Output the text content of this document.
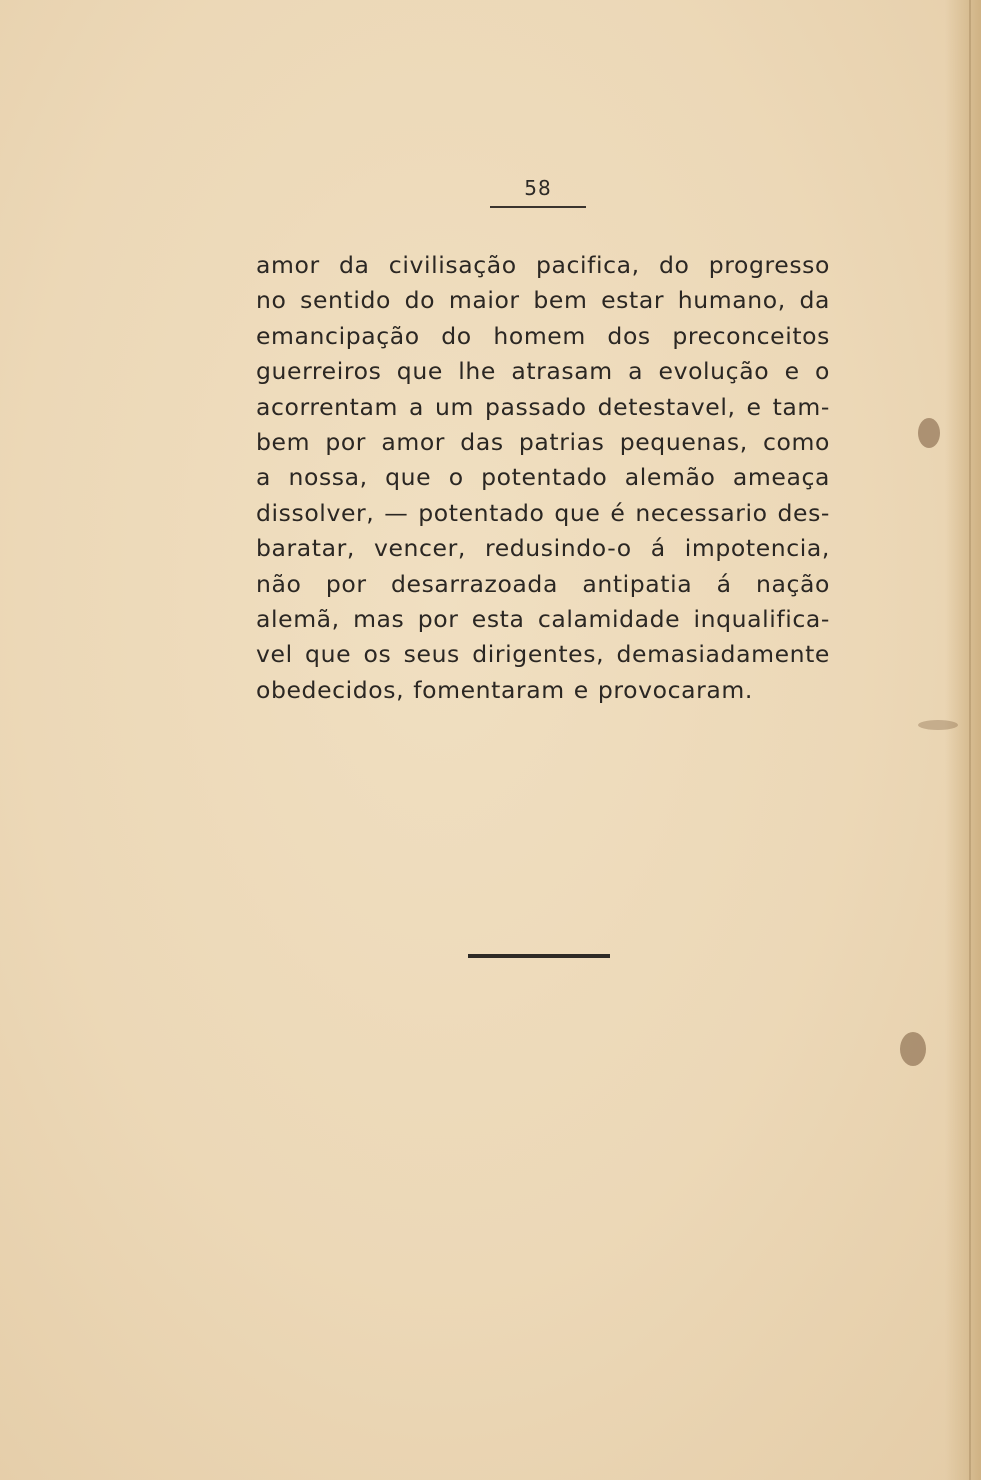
58
amor da civilisação pacifica, do progresso
no sentido do maior bem estar humano, da
emancipação do homem dos preconceitos
guerreiros que lhe atrasam a evolução e o
acorrentam a um passado detestavel, e tam-
bem por amor das patrias pequenas, como
a nossa, que o potentado alemão ameaça
dissolver, — potentado que é necessario des-
baratar, vencer, redusindo-o á impotencia,
não por desarrazoada antipatia á nação
alemã, mas por esta calamidade inqualifica-
vel que os seus dirigentes, demasiadamente
obedecidos, fomentaram e provocaram.
